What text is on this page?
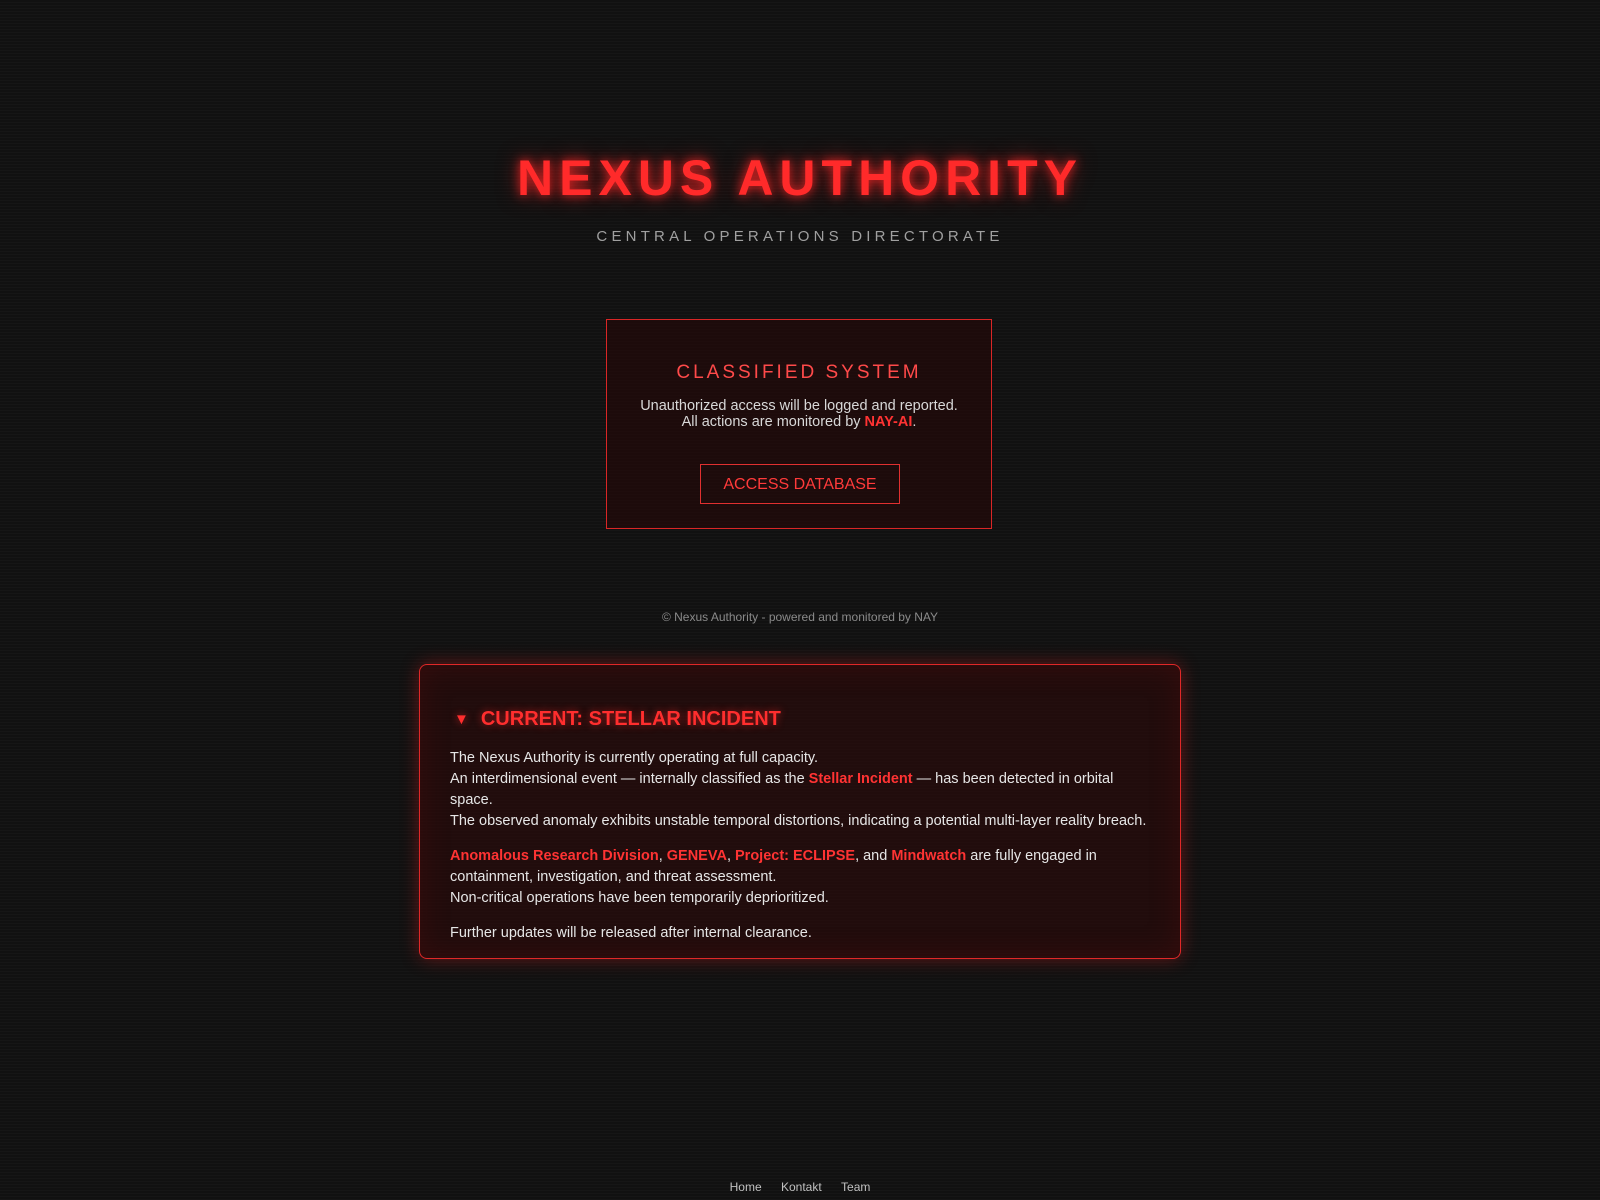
NEXUS AUTHORITY
CENTRAL OPERATIONS DIRECTORATE
CLASSIFIED SYSTEM
Unauthorized access will be logged and reported.
All actions are monitored by NAY-AI.
ACCESS DATABASE
© Nexus Authority - powered and monitored by NAY
▼ CURRENT: STELLAR INCIDENT

The Nexus Authority is currently operating at full capacity.
An interdimensional event — internally classified as the Stellar Incident — has been detected in orbital space.
The observed anomaly exhibits unstable temporal distortions, indicating a potential multi-layer reality breach.

Anomalous Research Division, GENEVA, Project: ECLIPSE, and Mindwatch are fully engaged in containment, investigation, and threat assessment.
Non-critical operations have been temporarily deprioritized.

Further updates will be released after internal clearance.

Home Kontakt Team
